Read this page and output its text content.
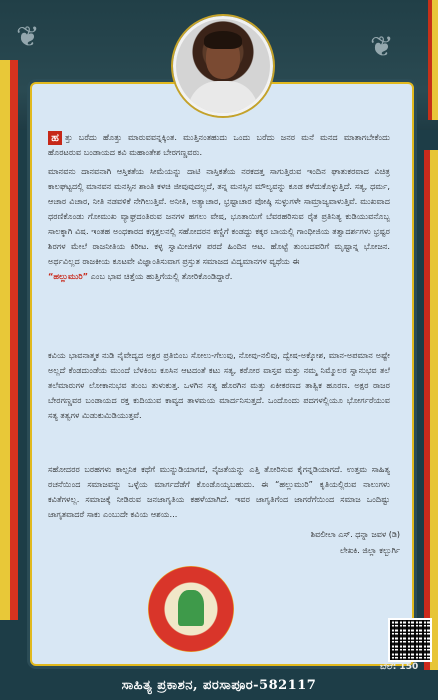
❦	❦
ಹ ತ್ತು ಬರೆದು ಹೊತ್ತು ಮಾರುವವನ್ನಕ್ಕಿಂತ. ಮುತ್ತಿನಂತಹುದು ಒಂದು ಬರೆದು ಜನರ ಮನೆ ಮನದ ಮಾತಾಗಬೇಕೆಂದು ಹೊರಟರುವ ಬಂಡಾಯದ ಕವಿ ಮಹಾಂತೇಶ ಬೇರಗಣ್ಣವರು.
ಮಾನವನು ದಾನವನಾಗಿ ಆಸ್ತಿಕತೆಯ ಸೀಮೆಯನ್ನು ದಾಟಿ ನಾಸ್ತಿಕತೆಯ ನರಕದತ್ತ ಸಾಗುತ್ತಿರುವ ಇಂದಿನ ಘಾತುಕರವಾದ ವಿಚಿತ್ರ ಕಾಲಘಟ್ಟದಲ್ಲಿ ಮಾನವನ ಮನಸ್ಸಿನ ಶಾಂತಿ ಕಳಚಿ ಜೀವುವುದಲ್ಲದೆ, ತನ್ನ ಮನಸ್ಸಿನ ಮೌಲ್ಯವನ್ನು ಕೂಡ ಕಳೆದುಕೊಳ್ಳುತ್ತಿದೆ. ಸತ್ಯ, ಧರ್ಮ, ಆಚಾರ ವಿಚಾರ, ನೀತಿ ನಡವಳಿಕೆ ನೇಗಿಲುತ್ತಿವೆ. ಅನೀತಿ, ಅತ್ಯಾಚಾರ, ಭ್ರಷ್ಟಾಚಾರ ಪೋಷ್ಠಿ ಸುಳ್ಳುಗಳೇ ಸಾಮ್ರಾಜ್ಯವಾಳುತ್ತಿವೆ. ಮುಖವಾದ ಧರಣಿಕೊಂಡು ಗೋಮುಖ ವ್ಯಾಘ್ರದಂತಿರುವ ಜನಗಳ ಹಗಲು ವೇಷ, ಭೂತಾಯಿಗೆ ಬೆವರಹರಿಸುವ ರೈತ ಪ್ರತಿನಿತ್ಯ ಕುಡಿಯುವನೊಬ್ಬ ಸಾಲಕ್ಕಾಗಿ ವಿಷ. ಇಂತಹ ಅಂಧಕಾರದ ಕಗ್ಗತ್ತಲನಲ್ಲಿ ಸಹೋದರನ ಕಣ್ಣಿಗೆ ಕಂಡದ್ದು ಕಕ್ಕರ ಬಾಯಲ್ಲಿ ಗಾಂಧೀಜಿಯ ತತ್ವಾದರ್ಶಗಳು ಭ್ರಷ್ಟರ ಶಿರಗಳ ಮೇಲೆ ರಾಜನೀತಿಯ ಕಿರೀಟ. ಕಳ್ಳ ಸ್ವಾಮೀಜಿಗಳ ಪರದೆ ಹಿಂದಿನ ಆಟ. ಹೊಟ್ಟೆ ತುಂಬದವರಿಗೆ ಮೃಷ್ಟಾನ್ನ ಭೋಜನ. ಅರ್ಥವಿಲ್ಲದ ರಾಜಕೀಯ ಕೂಟವೇ ವಿಜ್ಞಾಂತಿಸುವಾಗ ಪ್ರಸ್ತುತ ಸಮಾಜದ ವಿದ್ಯಮಾನಗಳ ವ್ಯಥೆಯ ಈ
“ಹಲ್ಲುಮುರಿ” ಎಂಬ ಭಾವ ಚಿತ್ತೆಯ ಹುತ್ತಿಗೆಯಲ್ಲಿ ತೋರಿಕೊಂಡಿದ್ದಾರೆ.
ಕವಿಯ ಭಾವನಾತ್ಮಕ ನುಡಿ ನೈವೇದ್ಯದ ಅಕ್ಷರ ಪ್ರತಿಬಿಂಬ ಸೋಲು-ಗೆಲುವು, ನೋವು-ನಲಿವು, ದ್ವೇಷ-ಅಕ್ಕೋಶ, ಮಾನ-ಅಪಮಾನ ಅಷ್ಟೇ ಅಲ್ಲದೆ ಕೆಂಡದುಂಡೆಯ ಮುಂದೆ ಬೆಳಕಿಂಬ ಕೂಸಿನ ಆಟದಂತೆ ಕಟು ಸತ್ಯ, ಕಠೋರ ವಾಸ್ತವ ಮತ್ತು ನಮ್ಮ ನಿಮ್ಮೊಲರ ಸ್ವಾನುಭವ ತಲೆ ತಲೆಮಾರುಗಳ ಲೋಕಾನುಭವ ತುಂಬ ತುಳುಕುತ್ತ. ಒಳಗಿನ ಸತ್ಯ ಹೊರಗಿನ ಮತ್ತು ಏಕೀಕರಣದ ತಾತ್ವಿಕ ಹೂರಣ. ಅಕ್ಷರ ರಾಜರ ಬೇರಗಣ್ಣವರ ಬಂಡಾಯದ ರಕ್ತ ಕುದಿಯುವ ಕಾವ್ಯದ ತಾಳಮಯ ಮಾರ್ದನಿಸುತ್ತದೆ. ಒಂದೊಂದು ಪದಗಳಲ್ಲಿಯೂ ಭೋರ್ಗರೆಯುವ ಸತ್ಯ ತತ್ವಗಳ ಮಿಡುಕುಮಿಡಿಯುತ್ತವೆ.
ಸಹೋದರರ ಬರಹಗಳು ಕಾಲ್ಪನಿಕ ಕಥೆಗೆ ಮುನ್ನುಡಿಯಾಗದೆ, ನೈಜತೆಯನ್ನು ಎತ್ತಿ ತೋರಿಸುವ ಕೈಗನ್ನಡಿಯಾಗದೆ. ಉತ್ತಮ ಸಾಹಿತ್ಯ ರಚನೆಯಿಂದ ಸಮಾಜವನ್ನು ಒಳ್ಳೆಯ ಮಾರ್ಗದೆಡೆಗೆ ಕೊಂಡೊಯ್ಯಬಹುದು. ಈ “ಹಲ್ಲುಮುರಿ” ಕೃತಿಯಲ್ಲಿರುವ ನಾಲುಗಳು ಕವಿತೆಗಳಲ್ಲ. ಸಮಾಜಕ್ಕೆ ನೀಡಿರುವ ಜನಜಾಗೃತಿಯ ಕಹಳೆಯಾಗಿದೆ. ಇವರ ಜಾಗೃತಿಗೆಂದ ಜಾಗರೆಗೆಯಿಂದ ಸಮಾಜ ಒಂದಿಷ್ಟು ಜಾಗೃತವಾದರೆ ಸಾಕು ಎಂಬುದೇ ಕವಿಯ ಆಶಯ...
ಶಿವಲೀಲಾ ಎಸ್. ಧನ್ನಾ ಜವಳ (ಡಿ)
ಲೇಖಕಿ. ಜಿಲ್ಲಾ ಕಲ್ಬುರ್ಗಿ
ಬೆಲೆ: 150
ಸಾಹಿತ್ಯ ಪ್ರಕಾಶನ, ಪರಸಾಪೂರ-582117
